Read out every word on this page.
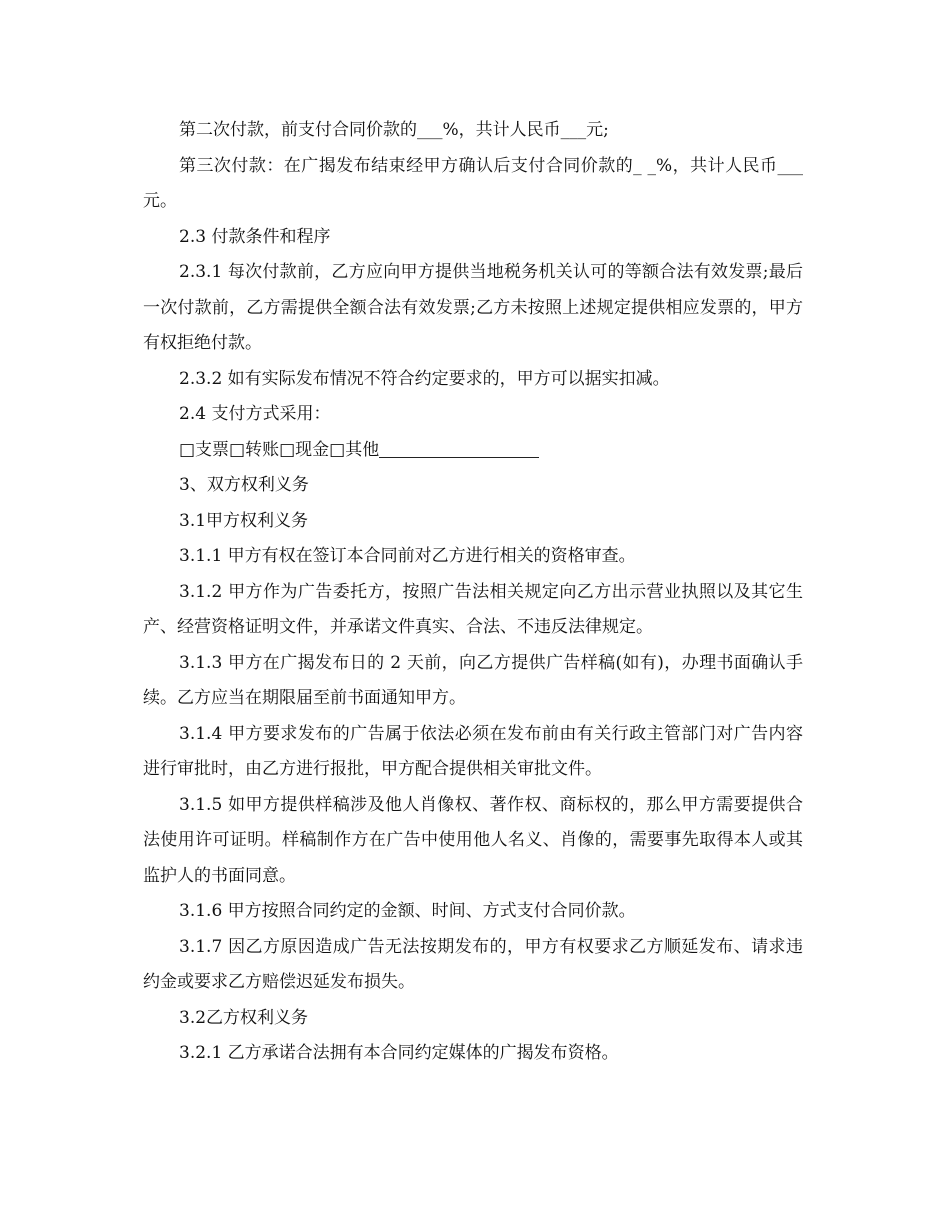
第二次付款，前支付合同价款的___%，共计人民币___元;

第三次付款：在广揭发布结束经甲方确认后支付合同价款的_ _%，共计人民币___元。

2.3 付款条件和程序

2.3.1 每次付款前，乙方应向甲方提供当地税务机关认可的等额合法有效发票;最后一次付款前，乙方需提供全额合法有效发票;乙方未按照上述规定提供相应发票的，甲方有权拒绝付款。

2.3.2 如有实际发布情况不符合约定要求的，甲方可以据实扣减。

2.4 支付方式采用：

□支票□转账□现金□其他

3、双方权利义务

3.1甲方权利义务

3.1.1 甲方有权在签订本合同前对乙方进行相关的资格审查。

3.1.2 甲方作为广告委托方，按照广告法相关规定向乙方出示营业执照以及其它生产、经营资格证明文件，并承诺文件真实、合法、不违反法律规定。

3.1.3 甲方在广揭发布日的 2 天前，向乙方提供广告样稿(如有)，办理书面确认手续。乙方应当在期限届至前书面通知甲方。

3.1.4 甲方要求发布的广告属于依法必须在发布前由有关行政主管部门对广告内容进行审批时，由乙方进行报批，甲方配合提供相关审批文件。

3.1.5 如甲方提供样稿涉及他人肖像权、著作权、商标权的，那么甲方需要提供合法使用许可证明。样稿制作方在广告中使用他人名义、肖像的，需要事先取得本人或其监护人的书面同意。

3.1.6 甲方按照合同约定的金额、时间、方式支付合同价款。

3.1.7 因乙方原因造成广告无法按期发布的，甲方有权要求乙方顺延发布、请求违约金或要求乙方赔偿迟延发布损失。

3.2乙方权利义务

3.2.1 乙方承诺合法拥有本合同约定媒体的广揭发布资格。
